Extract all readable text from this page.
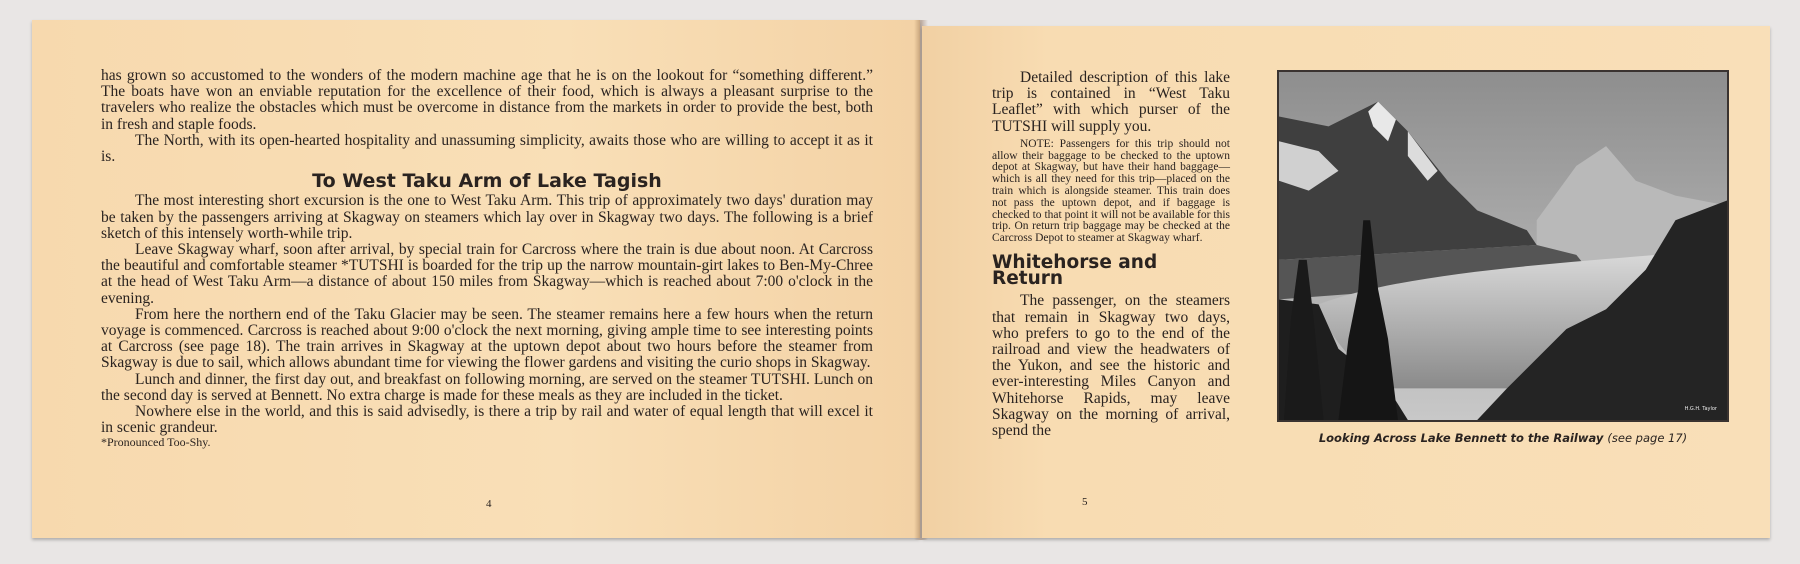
has grown so accustomed to the wonders of the modern machine age that he is on the lookout for “something different.” The boats have won an enviable reputation for the excellence of their food, which is always a pleasant surprise to the travelers who realize the obstacles which must be overcome in distance from the markets in order to provide the best, both in fresh and staple foods.

The North, with its open-hearted hospitality and unassuming simplicity, awaits those who are willing to accept it as it is.

To West Taku Arm of Lake Tagish

The most interesting short excursion is the one to West Taku Arm. This trip of approximately two days' duration may be taken by the passengers arriving at Skagway on steamers which lay over in Skagway two days. The following is a brief sketch of this intensely worth-while trip.

Leave Skagway wharf, soon after arrival, by special train for Carcross where the train is due about noon. At Carcross the beautiful and comfortable steamer *TUTSHI is boarded for the trip up the narrow mountain-girt lakes to Ben-My-Chree at the head of West Taku Arm—a distance of about 150 miles from Skagway—which is reached about 7:00 o'clock in the evening.

From here the northern end of the Taku Glacier may be seen. The steamer remains here a few hours when the return voyage is commenced. Carcross is reached about 9:00 o'clock the next morning, giving ample time to see interesting points at Carcross (see page 18). The train arrives in Skagway at the uptown depot about two hours before the steamer from Skagway is due to sail, which allows abundant time for viewing the flower gardens and visiting the curio shops in Skagway.

Lunch and dinner, the first day out, and breakfast on following morning, are served on the steamer TUTSHI. Lunch on the second day is served at Bennett. No extra charge is made for these meals as they are included in the ticket.

Nowhere else in the world, and this is said advisedly, is there a trip by rail and water of equal length that will excel it in scenic grandeur.

*Pronounced Too-Shy.

4

Detailed description of this lake trip is contained in “West Taku Leaflet” with which purser of the TUTSHI will supply you.

NOTE: Passengers for this trip should not allow their baggage to be checked to the uptown depot at Skagway, but have their hand baggage—which is all they need for this trip—placed on the train which is alongside steamer. This train does not pass the uptown depot, and if baggage is checked to that point it will not be available for this trip. On return trip baggage may be checked at the Carcross Depot to steamer at Skagway wharf.

Whitehorse and Return

The passenger, on the steamers that remain in Skagway two days, who prefers to go to the end of the railroad and view the headwaters of the Yukon, and see the historic and ever-interesting Miles Canyon and Whitehorse Rapids, may leave Skagway on the morning of arrival, spend the

H.G.H. Taylor
Looking Across Lake Bennett to the Railway (see page 17)
5
